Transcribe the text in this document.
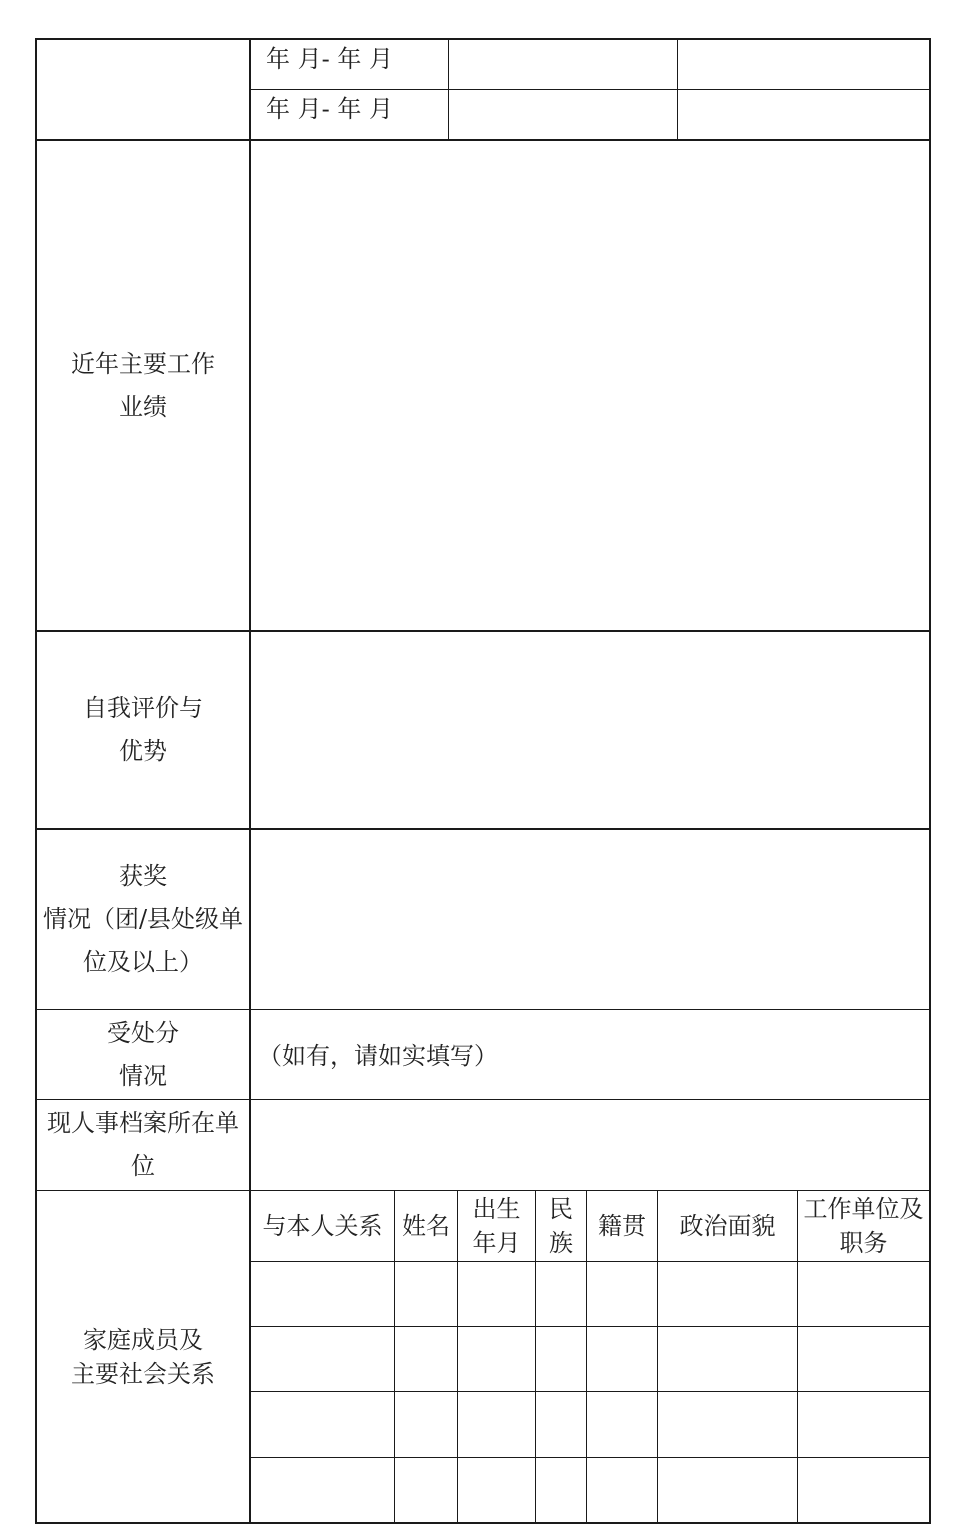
年 月- 年 月
年 月- 年 月
近年主要工作
业绩
自我评价与
优势
获奖
情况（团/县处级单
位及以上）
受处分
情况
（如有，请如实填写）
现人事档案所在单
位
家庭成员及
主要社会关系
与本人关系 姓名
出生
年月
民
族
籍贯 政治面貌
工作单位及
职务
